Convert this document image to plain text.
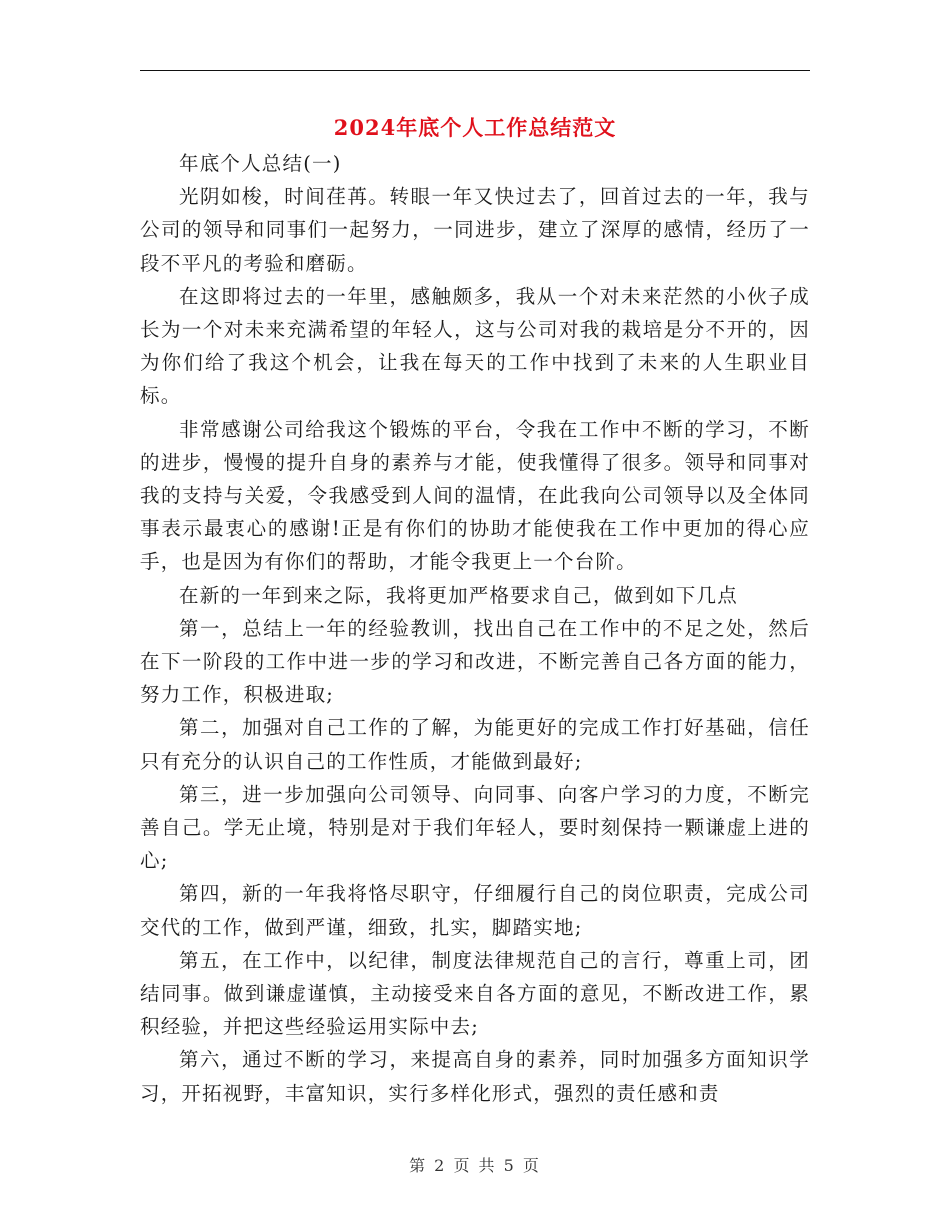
2024年底个人工作总结范文

年底个人总结(一)

光阴如梭，时间荏苒。转眼一年又快过去了，回首过去的一年，我与公司的领导和同事们一起努力，一同进步，建立了深厚的感情，经历了一段不平凡的考验和磨砺。

在这即将过去的一年里，感触颇多，我从一个对未来茫然的小伙子成长为一个对未来充满希望的年轻人，这与公司对我的栽培是分不开的，因为你们给了我这个机会，让我在每天的工作中找到了未来的人生职业目标。

非常感谢公司给我这个锻炼的平台，令我在工作中不断的学习，不断的进步，慢慢的提升自身的素养与才能，使我懂得了很多。领导和同事对我的支持与关爱，令我感受到人间的温情，在此我向公司领导以及全体同事表示最衷心的感谢!正是有你们的协助才能使我在工作中更加的得心应手，也是因为有你们的帮助，才能令我更上一个台阶。

在新的一年到来之际，我将更加严格要求自己，做到如下几点

第一，总结上一年的经验教训，找出自己在工作中的不足之处，然后在下一阶段的工作中进一步的学习和改进，不断完善自己各方面的能力，努力工作，积极进取;

第二，加强对自己工作的了解，为能更好的完成工作打好基础，信任只有充分的认识自己的工作性质，才能做到最好;

第三，进一步加强向公司领导、向同事、向客户学习的力度，不断完善自己。学无止境，特别是对于我们年轻人，要时刻保持一颗谦虚上进的心;

第四，新的一年我将恪尽职守，仔细履行自己的岗位职责，完成公司交代的工作，做到严谨，细致，扎实，脚踏实地;

第五，在工作中，以纪律，制度法律规范自己的言行，尊重上司，团结同事。做到谦虚谨慎，主动接受来自各方面的意见，不断改进工作，累积经验，并把这些经验运用实际中去;

第六，通过不断的学习，来提高自身的素养，同时加强多方面知识学习，开拓视野，丰富知识，实行多样化形式，强烈的责任感和责

第 2 页 共 5 页
